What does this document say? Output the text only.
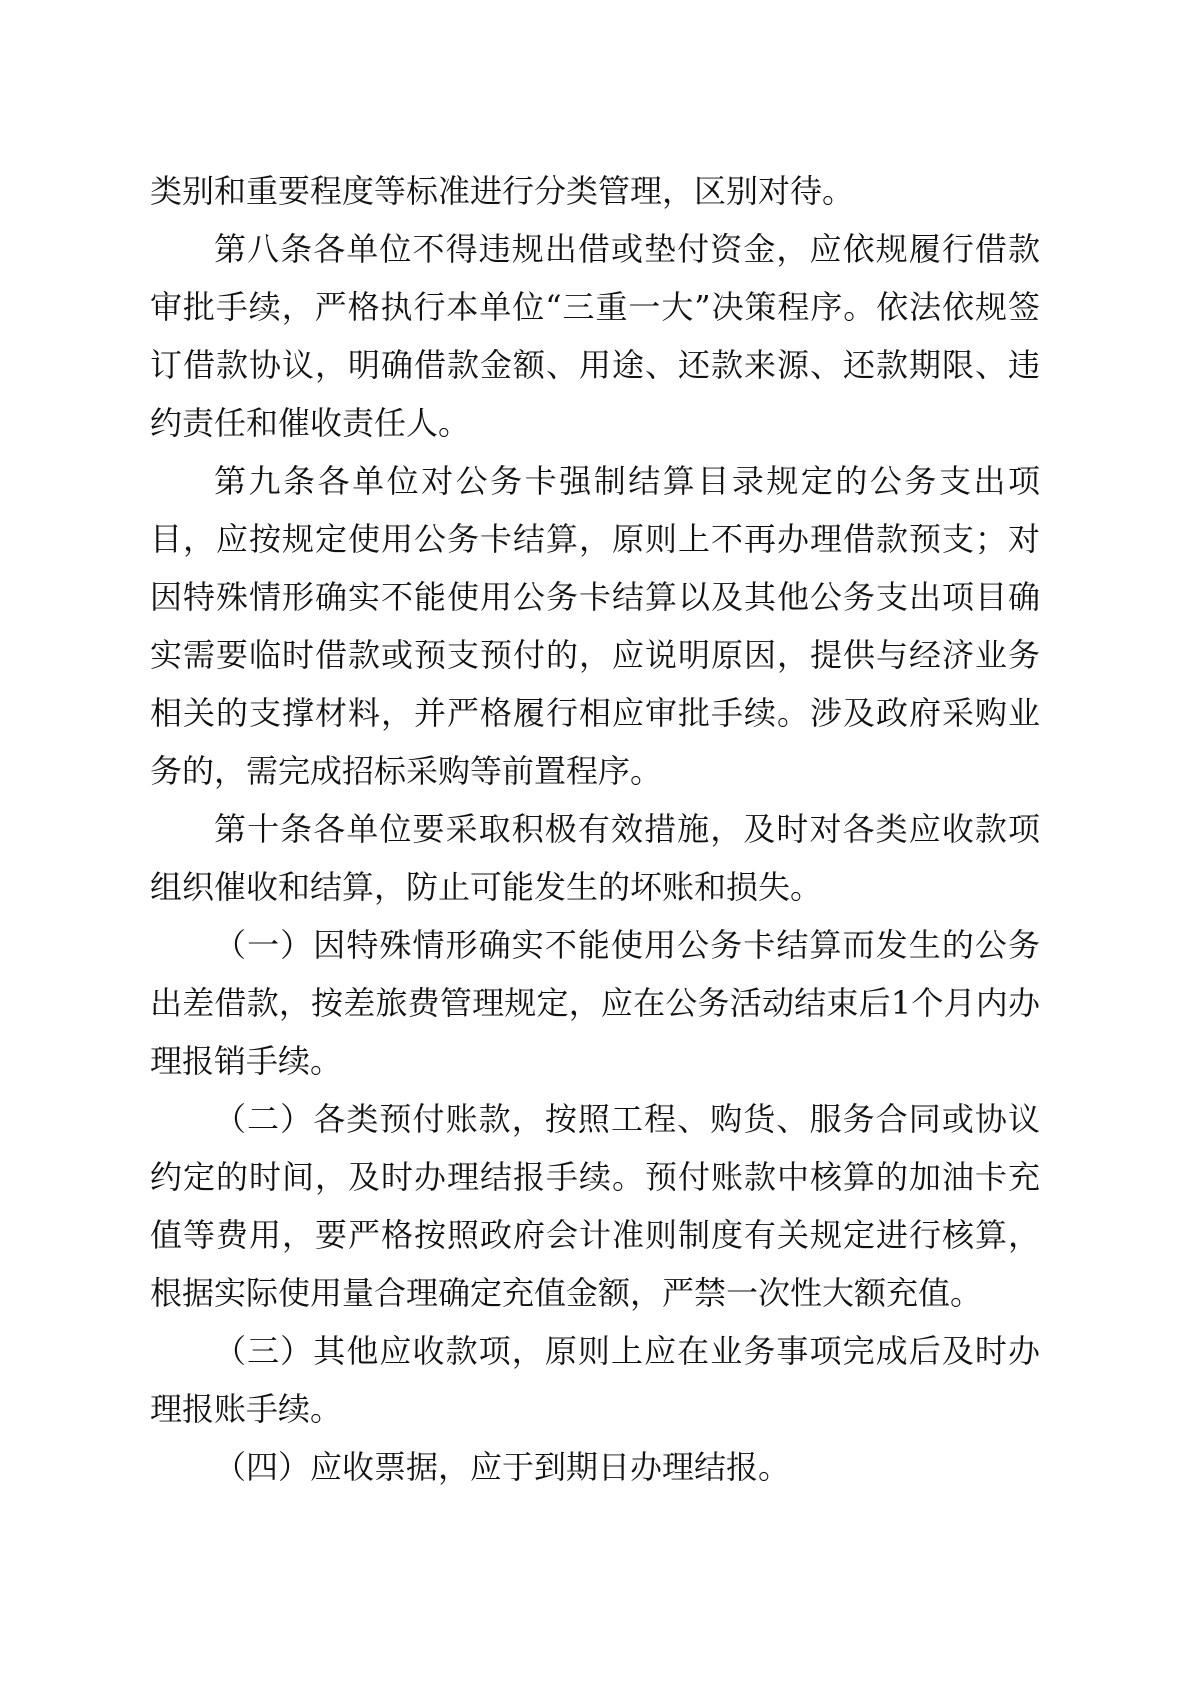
类别和重要程度等标准进行分类管理，区别对待。

第八条各单位不得违规出借或垫付资金，应依规履行借款审批手续，严格执行本单位“三重一大”决策程序。依法依规签订借款协议，明确借款金额、用途、还款来源、还款期限、违约责任和催收责任人。

第九条各单位对公务卡强制结算目录规定的公务支出项目，应按规定使用公务卡结算，原则上不再办理借款预支；对因特殊情形确实不能使用公务卡结算以及其他公务支出项目确实需要临时借款或预支预付的，应说明原因，提供与经济业务相关的支撑材料，并严格履行相应审批手续。涉及政府采购业务的，需完成招标采购等前置程序。

第十条各单位要采取积极有效措施，及时对各类应收款项组织催收和结算，防止可能发生的坏账和损失。

（一）因特殊情形确实不能使用公务卡结算而发生的公务出差借款，按差旅费管理规定，应在公务活动结束后1个月内办理报销手续。

（二）各类预付账款，按照工程、购货、服务合同或协议约定的时间，及时办理结报手续。预付账款中核算的加油卡充值等费用，要严格按照政府会计准则制度有关规定进行核算，根据实际使用量合理确定充值金额，严禁一次性大额充值。

（三）其他应收款项，原则上应在业务事项完成后及时办理报账手续。

（四）应收票据，应于到期日办理结报。
